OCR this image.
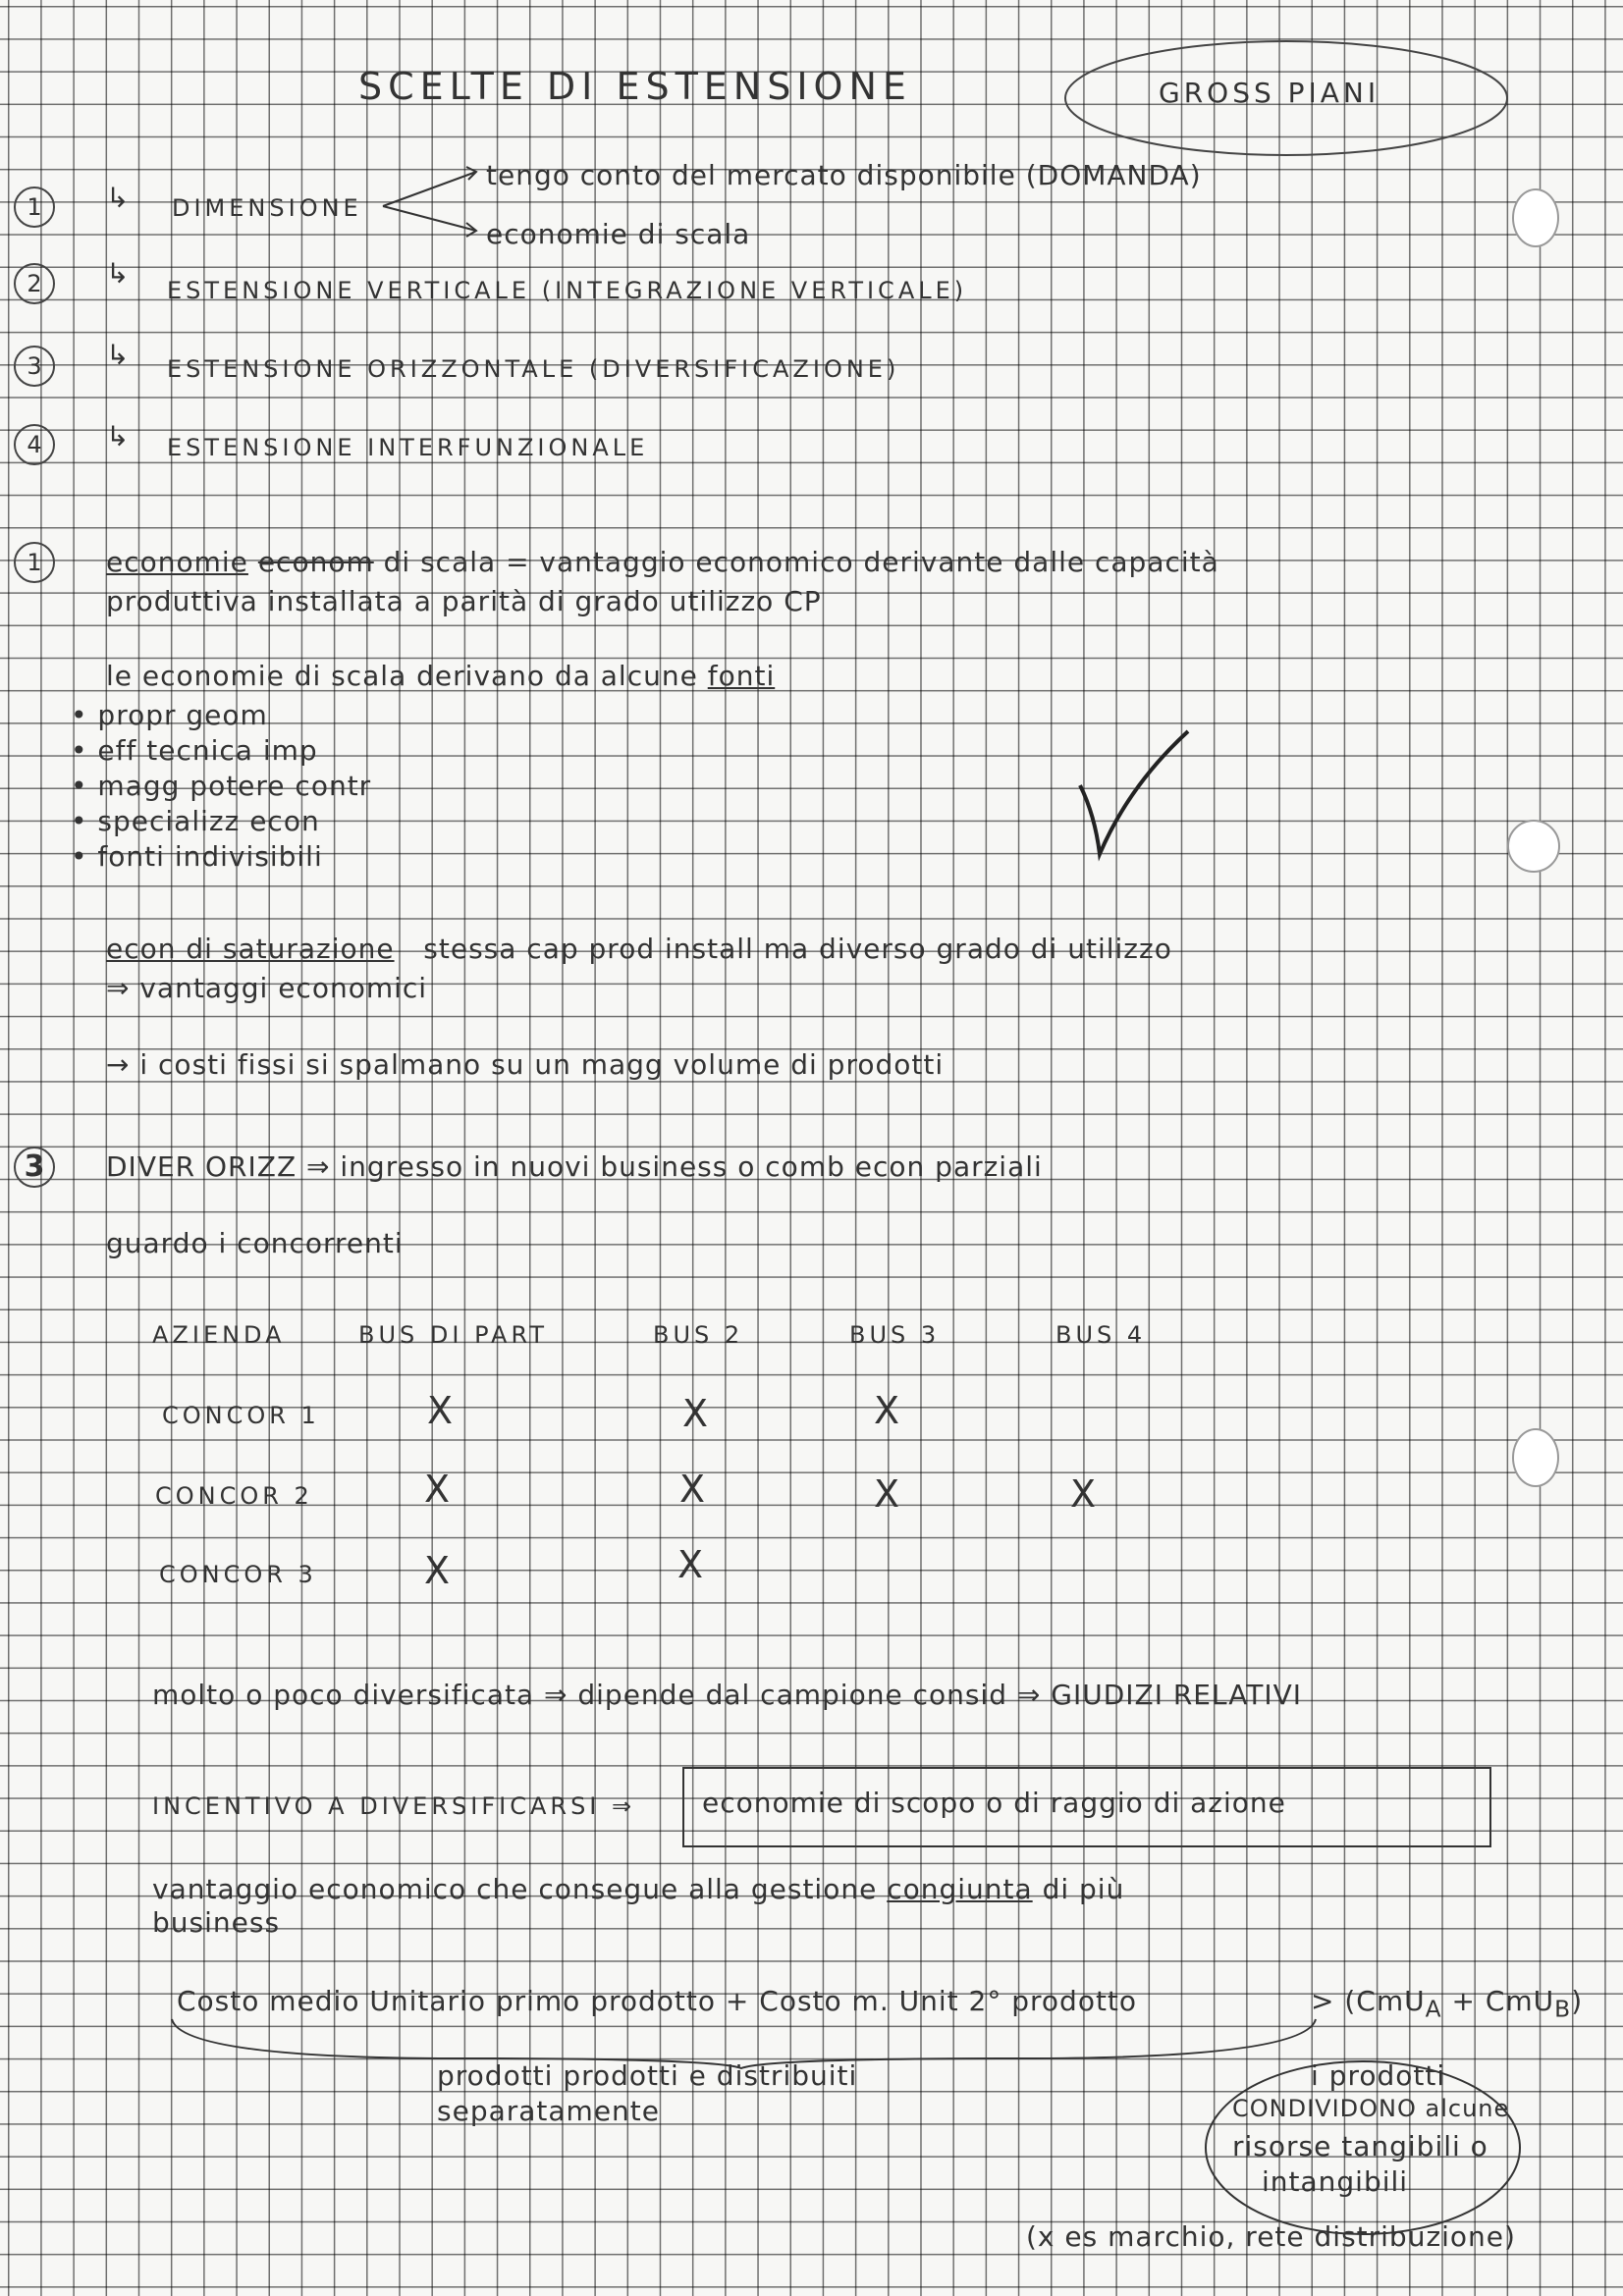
SCELTE DI ESTENSIONE	GROSS PIANI
1	↳ DIMENSIONE
tengo conto del mercato disponibile (DOMANDA)
economie di scala
2	↳
ESTENSIONE VERTICALE (INTEGRAZIONE VERTICALE)
3	↳ ESTENSIONE ORIZZONTALE (DIVERSIFICAZIONE)
4	↳ ESTENSIONE INTERFUNZIONALE
1	economie econom di scala = vantaggio economico derivante dalle capacità
produttiva installata a parità di grado utilizzo CP
le economie di scala derivano da alcune fonti
• propr geom
• eff tecnica imp
• magg potere contr
• specializz econ
• fonti indivisibili
econ di saturazione stessa cap prod install ma diverso grado di utilizzo
⇒ vantaggi economici
→ i costi fissi si spalmano su un magg volume di prodotti
3	DIVER ORIZZ ⇒ ingresso in nuovi business o comb econ parziali
guardo i concorrenti
AZIENDA	BUS DI PART	BUS 2	BUS 3	BUS 4
CONCOR 1	X	X	X
CONCOR 2	X	X	X	X
CONCOR 3	X	X
molto o poco diversificata ⇒ dipende dal campione consid ⇒ GIUDIZI RELATIVI
INCENTIVO A DIVERSIFICARSI ⇒ economie di scopo o di raggio di azione
vantaggio economico che consegue alla gestione congiunta di più
business
Costo medio Unitario primo prodotto + Costo m. Unit 2° prodotto	> (CmU$_A$ + CmU$_B$)
prodotti prodotti e distribuiti
separatamente
i prodotti
CONDIVIDONO alcune
risorse tangibili o
intangibili
(x es marchio, rete distribuzione)
